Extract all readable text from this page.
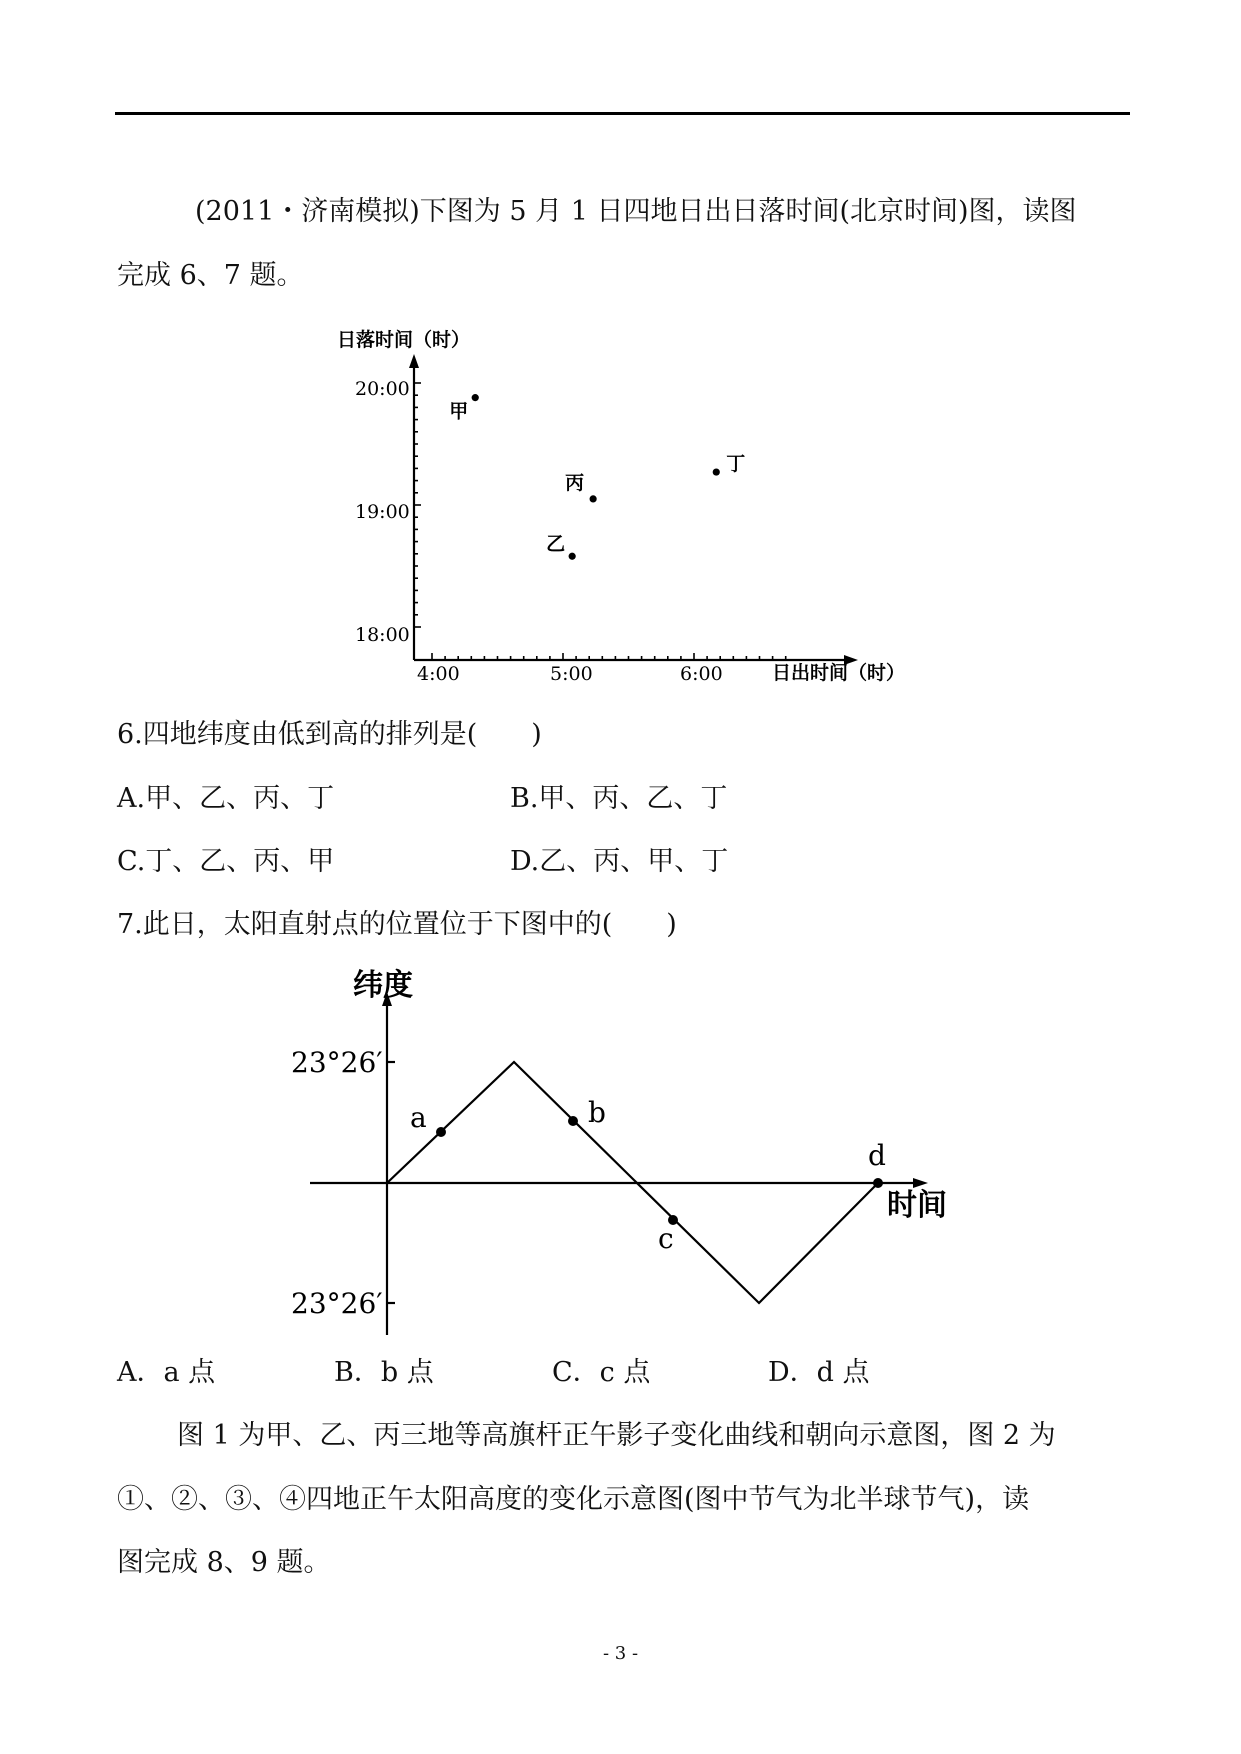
(2011・济南模拟)下图为 5 月 1 日四地日出日落时间(北京时间)图，读图
完成 6、7 题。
日落时间（时）
日出时间（时）
20:00
19:00
18:00
4:00	5:00	6:00
甲
乙
丙
丁
6.四地纬度由低到高的排列是(　　)
A.甲、乙、丙、丁	B.甲、丙、乙、丁
C.丁、乙、丙、甲	D.乙、丙、甲、丁
7.此日，太阳直射点的位置位于下图中的(　　)
纬度
时间
23°26′
23°26′
a	b
c
d
A．a 点	B．b 点	C．c 点	D．d 点
图 1 为甲、乙、丙三地等高旗杆正午影子变化曲线和朝向示意图，图 2 为
①、②、③、④四地正午太阳高度的变化示意图(图中节气为北半球节气)，读
图完成 8、9 题。
- 3 -
